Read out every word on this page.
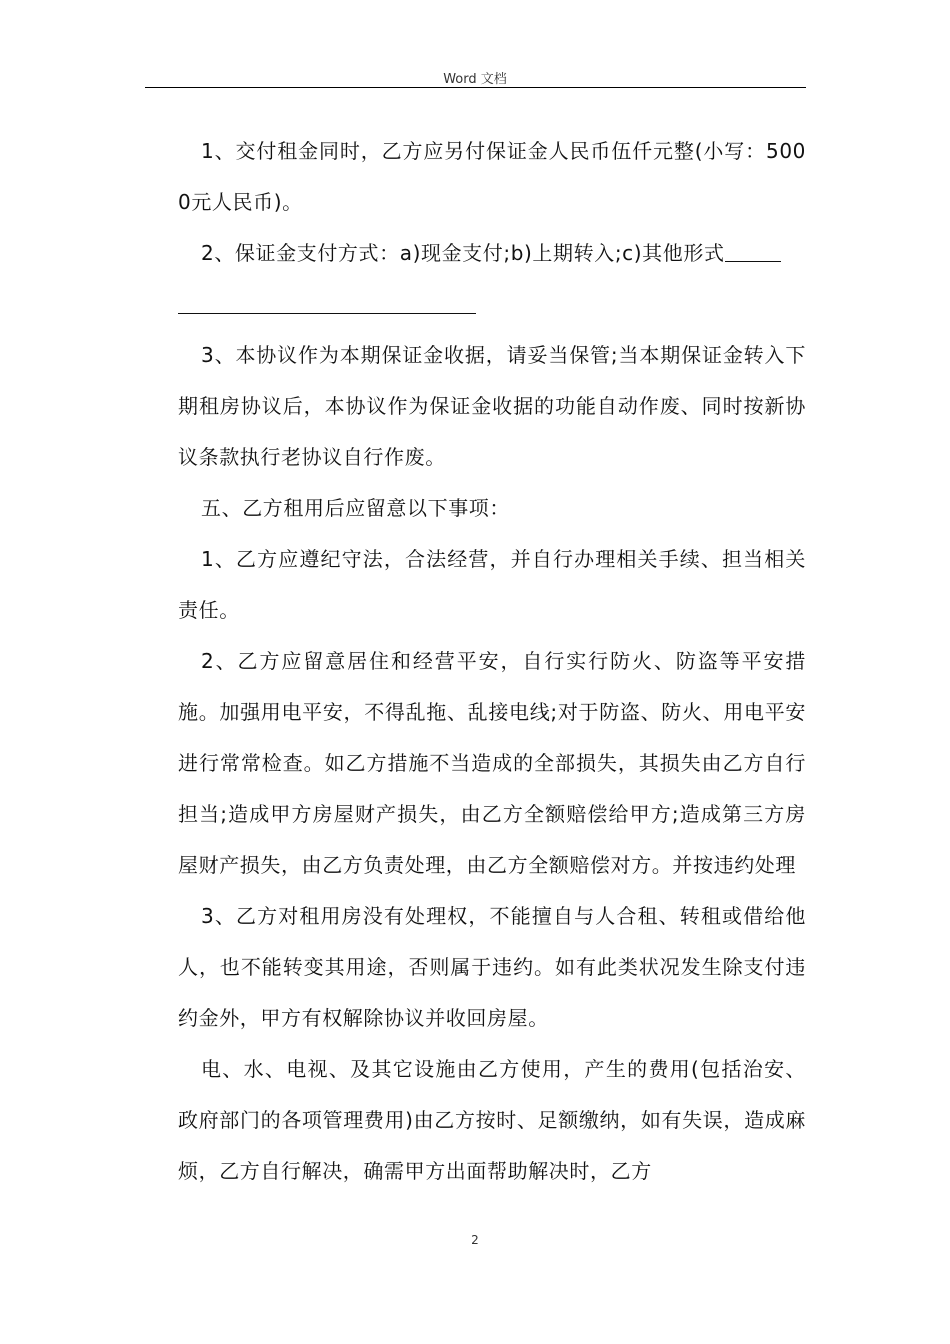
Word 文档

1、交付租金同时，乙方应另付保证金人民币伍仟元整(小写：5000元人民币)。

2、保证金支付方式：a)现金支付;b)上期转入;c)其他形式

3、本协议作为本期保证金收据，请妥当保管;当本期保证金转入下期租房协议后，本协议作为保证金收据的功能自动作废、同时按新协议条款执行老协议自行作废。

五、乙方租用后应留意以下事项：

1、乙方应遵纪守法，合法经营，并自行办理相关手续、担当相关责任。

2、乙方应留意居住和经营平安，自行实行防火、防盗等平安措施。加强用电平安，不得乱拖、乱接电线;对于防盗、防火、用电平安进行常常检查。如乙方措施不当造成的全部损失，其损失由乙方自行担当;造成甲方房屋财产损失，由乙方全额赔偿给甲方;造成第三方房屋财产损失，由乙方负责处理，由乙方全额赔偿对方。并按违约处理

3、乙方对租用房没有处理权，不能擅自与人合租、转租或借给他人，也不能转变其用途，否则属于违约。如有此类状况发生除支付违约金外，甲方有权解除协议并收回房屋。

电、水、电视、及其它设施由乙方使用，产生的费用(包括治安、政府部门的各项管理费用)由乙方按时、足额缴纳，如有失误，造成麻烦，乙方自行解决，确需甲方出面帮助解决时，乙方

2
